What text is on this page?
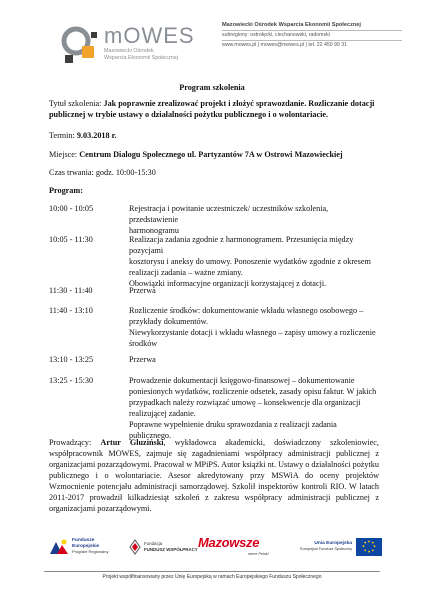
mOWES
Mazowiecki Ośrodek
Wsparcia Ekonomii Społecznej
Mazowiecki Ośrodek Wsparcia Ekonomii Społecznej
subregiony: ostrołęcki, ciechanowski, radomski
www.mowes.pl | mowes@mowes.pl | tel. 22 450 99 31
Program szkolenia
Tytuł szkolenia: Jak poprawnie zrealizować projekt i złożyć sprawozdanie. Rozliczanie dotacji publicznej w trybie ustawy o działalności pożytku publicznego i o wolontariacie.
Termin: 9.03.2018 r.
Miejsce: Centrum Dialogu Społecznego ul. Partyzantów 7A w Ostrowi Mazowieckiej
Czas trwania: godz. 10:00-15:30
Program:
10:00 - 10:05	Rejestracja i powitanie uczestniczek/ uczestników szkolenia, przedstawienie
harmonogramu
10:05 - 11:30	Realizacja zadania zgodnie z harmonogramem. Przesunięcia między pozycjami
kosztorysu i aneksy do umowy. Ponoszenie wydatków zgodnie z okresem
realizacji zadania – ważne zmiany.
Obowiązki informacyjne organizacji korzystającej z dotacji.
11:30 - 11:40	Przerwa
11:40 - 13:10	Rozliczenie środków: dokumentowanie wkładu własnego osobowego –
przykłady dokumentów.
Niewykorzystanie dotacji i wkładu własnego – zapisy umowy a rozliczenie
środków
13:10 - 13:25	Przerwa
13:25 - 15:30	Prowadzenie dokumentacji księgowo-finansowej – dokumentowanie
poniesionych wydatków, rozliczenie odsetek, zasady opisu faktur. W jakich
przypadkach należy rozwiązać umowę – konsekwencje dla organizacji
realizującej zadanie.
Poprawne wypełnienie druku sprawozdania z realizacji zadania publicznego.
Prowadzący: Artur Gluziński, wykładowca akademicki, doświadczony szkoleniowiec, współpracownik MOWES, zajmuje się zagadnieniami współpracy administracji publicznej z organizacjami pozarządowymi. Pracował w MPiPS. Autor książki nt. Ustawy o działalności pożytku publicznego i o wolontariacie. Asesor akredytowany przy MSWiA do oceny projektów Wzmocnienie potencjału administracji samorządowej. Szkolił inspektorów kontroli RIO. W latach 2011-2017 prowadził kilkadziesiąt szkoleń z zakresu współpracy administracji publicznej z organizacjami pozarządowymi.
Fundusze
Europejskie
Program Regionalny
Fundacja
FUNDUSZ WSPÓŁPRACY Mazowsze
serce Polski
Unia Europejska
Europejski Fundusz Społeczny
Projekt współfinansowany przez Unię Europejską w ramach Europejskiego Funduszu Społecznego
